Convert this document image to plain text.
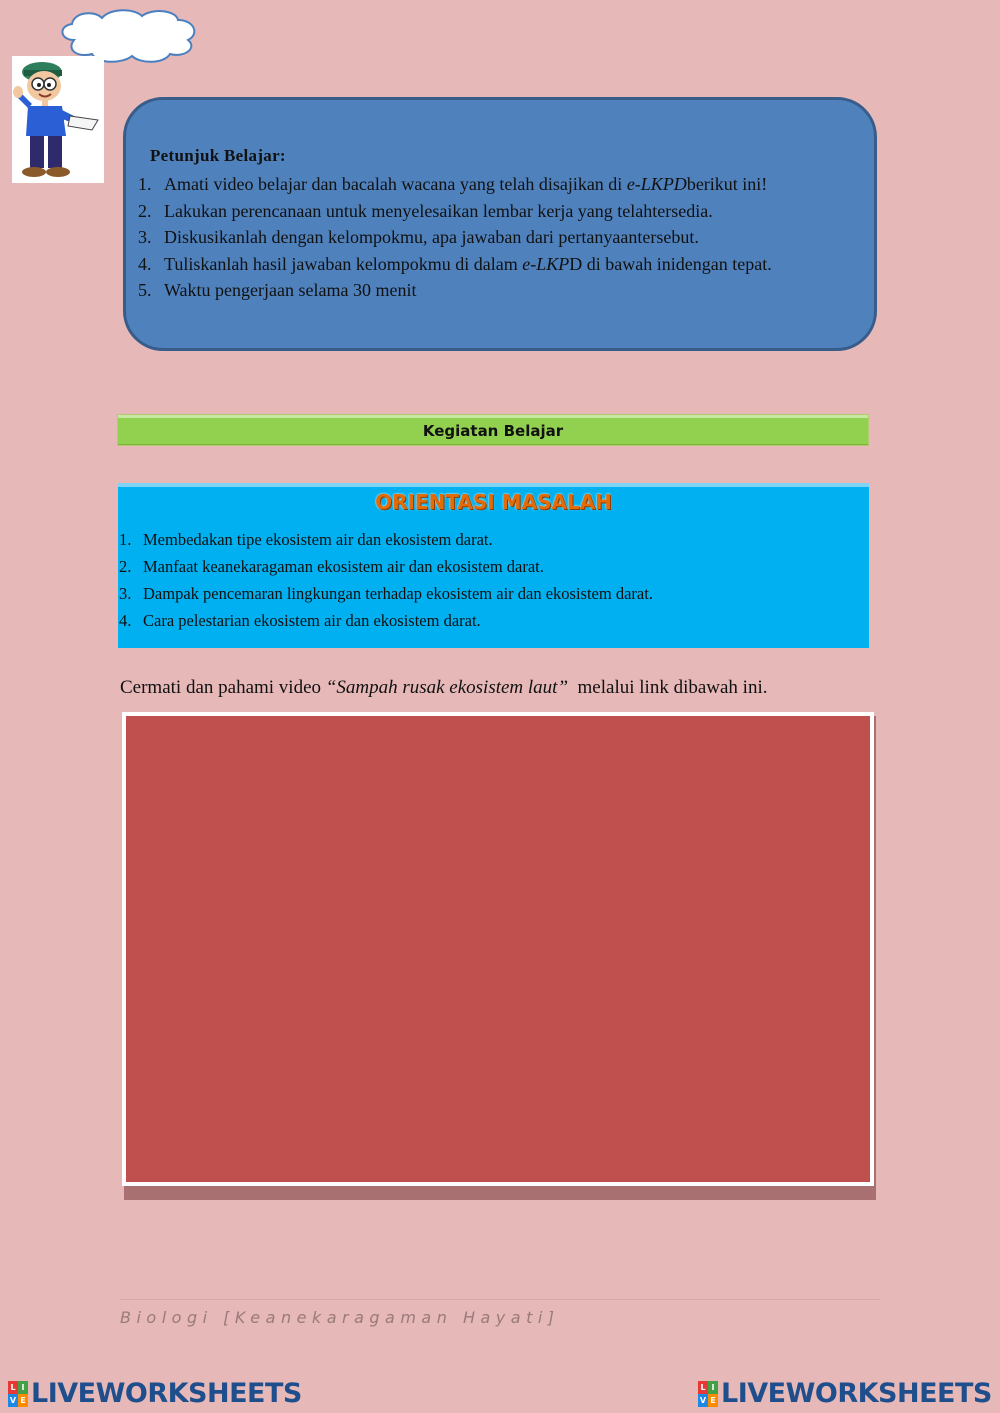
Petunjuk Belajar:
1. Amati video belajar dan bacalah wacana yang telah disajikan di e-LKPDberikut ini!
2. Lakukan perencanaan untuk menyelesaikan lembar kerja yang telahtersedia.
3. Diskusikanlah dengan kelompokmu, apa jawaban dari pertanyaantersebut.
4. Tuliskanlah hasil jawaban kelompokmu di dalam e-LKPD di bawah inidengan tepat.
5. Waktu pengerjaan selama 30 menit
Kegiatan Belajar
ORIENTASI MASALAH
1. Membedakan tipe ekosistem air dan ekosistem darat.
2. Manfaat keanekaragaman ekosistem air dan ekosistem darat.
3. Dampak pencemaran lingkungan terhadap ekosistem air dan ekosistem darat.
4. Cara pelestarian ekosistem air dan ekosistem darat.
Cermati dan pahami video “Sampah rusak ekosistem laut”  melalui link dibawah ini.
Biologi [Keanekaragaman Hayati]
L I
V E LIVEWORKSHEETS	L I
V E LIVEWORKSHEETS
